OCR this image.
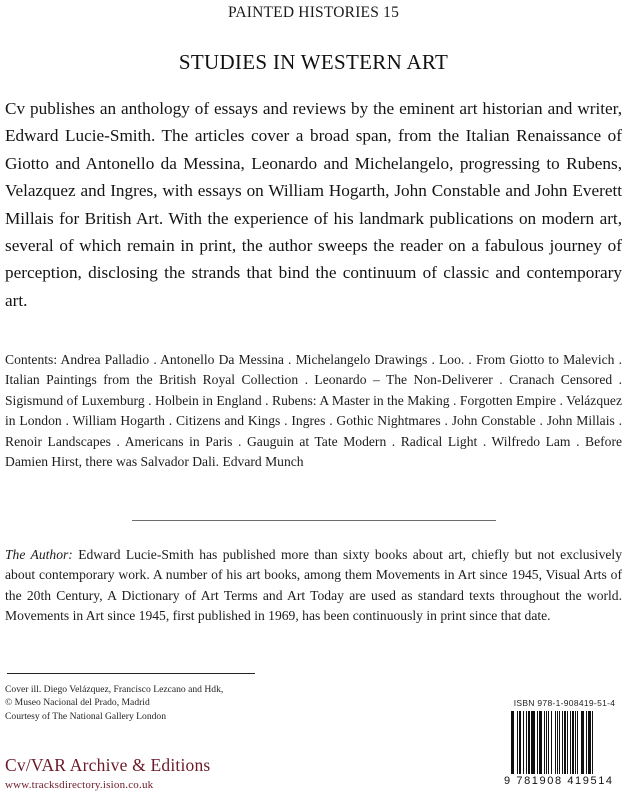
PAINTED HISTORIES 15
STUDIES IN WESTERN ART
Cv publishes an anthology of essays and reviews by the eminent art historian and writer, Edward Lucie-Smith. The articles cover a broad span, from the Italian Renaissance of Giotto and Antonello da Messina, Leonardo and Michelangelo, progressing to Rubens, Velazquez and Ingres, with essays on William Hogarth, John Constable and John Everett Millais for British Art. With the experience of his landmark publications on modern art, several of which remain in print, the author sweeps the reader on a fabulous journey of perception, disclosing the strands that bind the continuum of classic and contemporary art.
Contents: Andrea Palladio . Antonello Da Messina . Michelangelo Drawings . Loo. . From Giotto to Malevich . Italian Paintings from the British Royal Collection . Leonardo – The Non-Deliverer . Cranach Censored . Sigismund of Luxemburg . Holbein in England . Rubens: A Master in the Making . Forgotten Empire . Velázquez in London . William Hogarth . Citizens and Kings . Ingres . Gothic Nightmares . John Constable . John Millais . Renoir Landscapes . Americans in Paris . Gauguin at Tate Modern . Radical Light . Wilfredo Lam . Before Damien Hirst, there was Salvador Dali. Edvard Munch
The Author: Edward Lucie-Smith has published more than sixty books about art, chiefly but not exclusively about contemporary work. A number of his art books, among them Movements in Art since 1945, Visual Arts of the 20th Century, A Dictionary of Art Terms and Art Today are used as standard texts throughout the world. Movements in Art since 1945, first published in 1969, has been continuously in print since that date.
Cover ill. Diego Velázquez, Francisco Lezcano and Hdk,
© Museo Nacional del Prado, Madrid
Courtesy of The National Gallery London
Cv/VAR Archive & Editions
www.tracksdirectory.ision.co.uk
ISBN 978-1-908419-51-4
9 781908 419514
